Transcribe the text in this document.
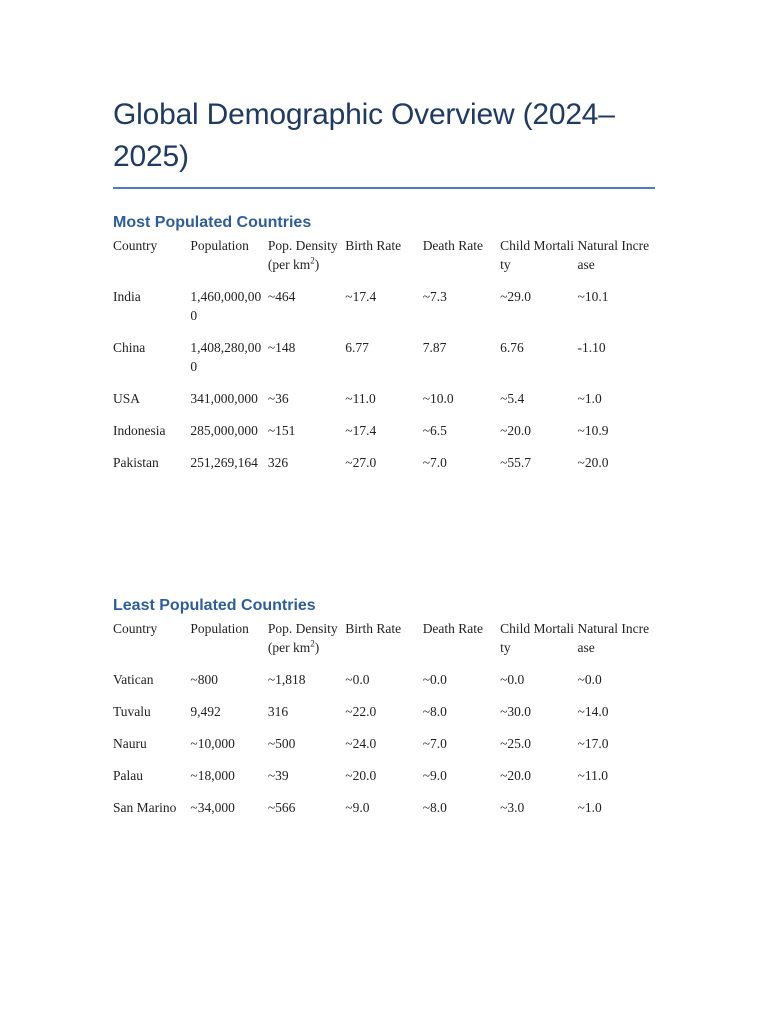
Global Demographic Overview (2024–2025)
Most Populated Countries
Country	Population	Pop. Density (per $km^2$)	Birth Rate	Death Rate	Child Mortality	Natural Increase
India	1,460,000,000	~464	~17.4	~7.3	~29.0	~10.1
China	1,408,280,000	~148	6.77	7.87	6.76	-1.10
USA	341,000,000	~36	~11.0	~10.0	~5.4	~1.0
Indonesia	285,000,000	~151	~17.4	~6.5	~20.0	~10.9
Pakistan	251,269,164	326	~27.0	~7.0	~55.7	~20.0
Least Populated Countries
Country	Population	Pop. Density (per $km^2$)	Birth Rate	Death Rate	Child Mortality	Natural Increase
Vatican	~800	~1,818	~0.0	~0.0	~0.0	~0.0
Tuvalu	9,492	316	~22.0	~8.0	~30.0	~14.0
Nauru	~10,000	~500	~24.0	~7.0	~25.0	~17.0
Palau	~18,000	~39	~20.0	~9.0	~20.0	~11.0
San Marino	~34,000	~566	~9.0	~8.0	~3.0	~1.0
